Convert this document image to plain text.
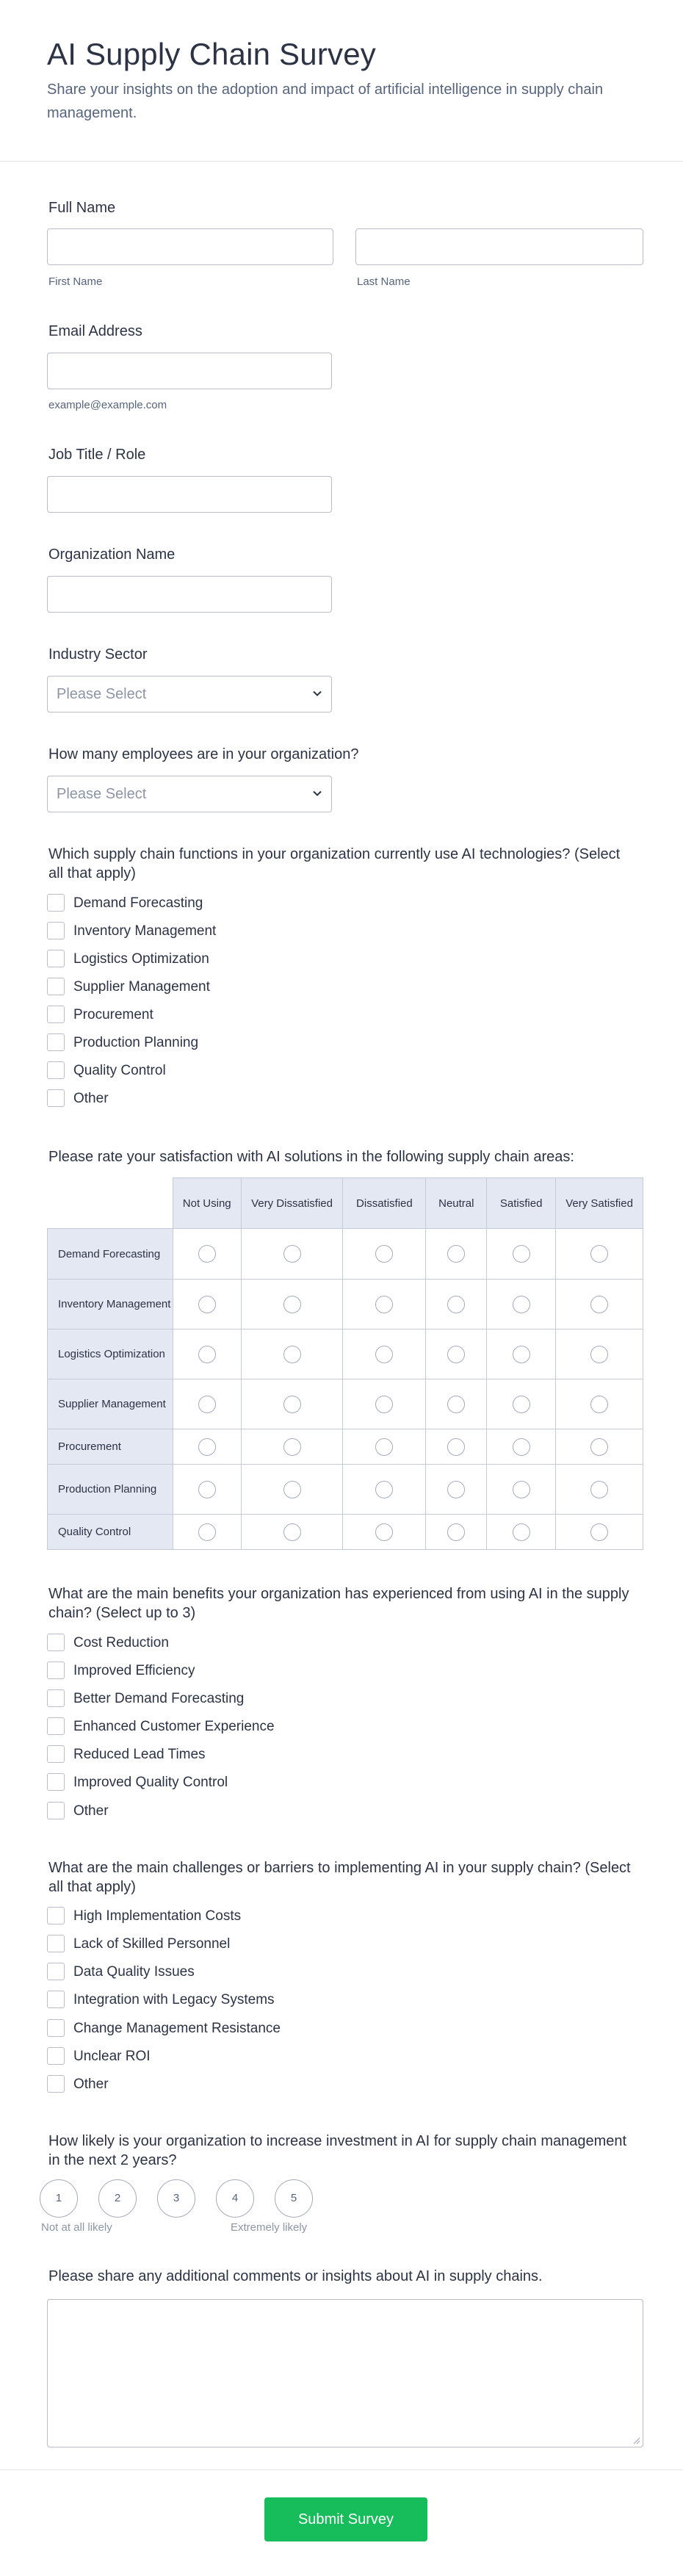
AI Supply Chain Survey

Share your insights on the adoption and impact of artificial intelligence in supply chain management.

Full Name
First Name	Last Name
Email Address
example@example.com
Job Title / Role
Organization Name
Industry Sector
Please Select
How many employees are in your organization?
Please Select
Which supply chain functions in your organization currently use AI technologies? (Select all that apply)
Demand Forecasting
Inventory Management
Logistics Optimization
Supplier Management
Procurement
Production Planning
Quality Control
Other
Please rate your satisfaction with AI solutions in the following supply chain areas:
	Not Using	Very Dissatisfied	Dissatisfied	Neutral	Satisfied	Very Satisfied
Demand Forecasting						
Inventory Management						
Logistics Optimization						
Supplier Management						
Procurement						
Production Planning						
Quality Control						
What are the main benefits your organization has experienced from using AI in the supply chain? (Select up to 3)
Cost Reduction
Improved Efficiency
Better Demand Forecasting
Enhanced Customer Experience
Reduced Lead Times
Improved Quality Control
Other
What are the main challenges or barriers to implementing AI in your supply chain? (Select all that apply)
High Implementation Costs
Lack of Skilled Personnel
Data Quality Issues
Integration with Legacy Systems
Change Management Resistance
Unclear ROI
Other
How likely is your organization to increase investment in AI for supply chain management in the next 2 years?
1	2	3	4	5
Not at all likely	Extremely likely
Please share any additional comments or insights about AI in supply chains.
Submit Survey
